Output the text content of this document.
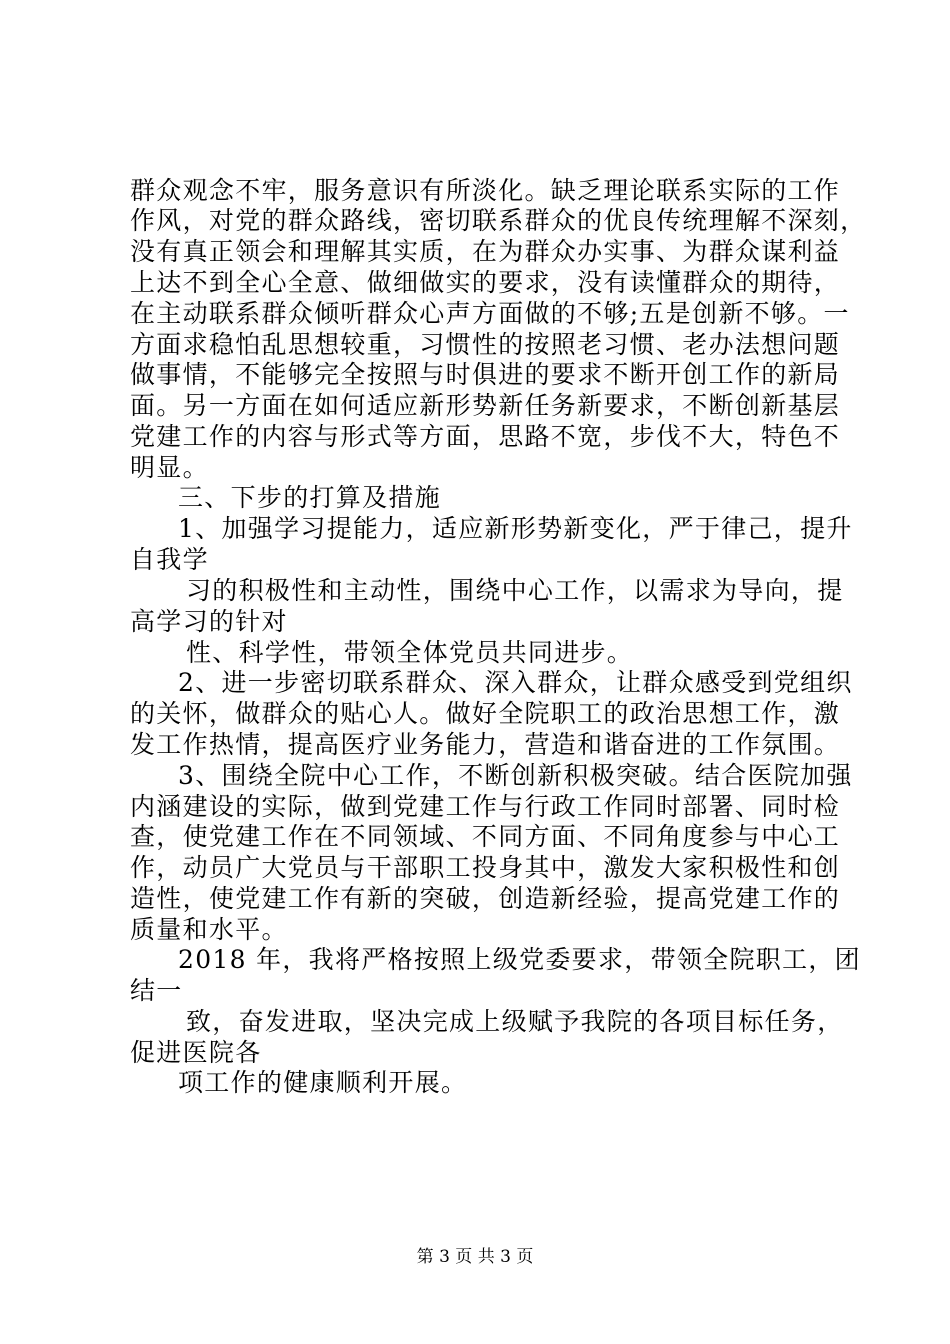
群众观念不牢，服务意识有所淡化。缺乏理论联系实际的工作
作风，对党的群众路线，密切联系群众的优良传统理解不深刻，
没有真正领会和理解其实质，在为群众办实事、为群众谋利益
上达不到全心全意、做细做实的要求，没有读懂群众的期待，
在主动联系群众倾听群众心声方面做的不够;五是创新不够。一
方面求稳怕乱思想较重，习惯性的按照老习惯、老办法想问题
做事情，不能够完全按照与时俱进的要求不断开创工作的新局
面。另一方面在如何适应新形势新任务新要求，不断创新基层
党建工作的内容与形式等方面，思路不宽，步伐不大，特色不
明显。
三、下步的打算及措施
1、加强学习提能力，适应新形势新变化，严于律己，提升
自我学
习的积极性和主动性，围绕中心工作，以需求为导向，提
高学习的针对
性、科学性，带领全体党员共同进步。
2、进一步密切联系群众、深入群众，让群众感受到党组织
的关怀，做群众的贴心人。做好全院职工的政治思想工作，激
发工作热情，提高医疗业务能力，营造和谐奋进的工作氛围。
3、围绕全院中心工作，不断创新积极突破。结合医院加强
内涵建设的实际，做到党建工作与行政工作同时部署、同时检
查，使党建工作在不同领域、不同方面、不同角度参与中心工
作，动员广大党员与干部职工投身其中，激发大家积极性和创
造性，使党建工作有新的突破，创造新经验，提高党建工作的
质量和水平。
2018 年，我将严格按照上级党委要求，带领全院职工，团
结一
致，奋发进取，坚决完成上级赋予我院的各项目标任务，
促进医院各
项工作的健康顺利开展。
第 3 页 共 3 页
